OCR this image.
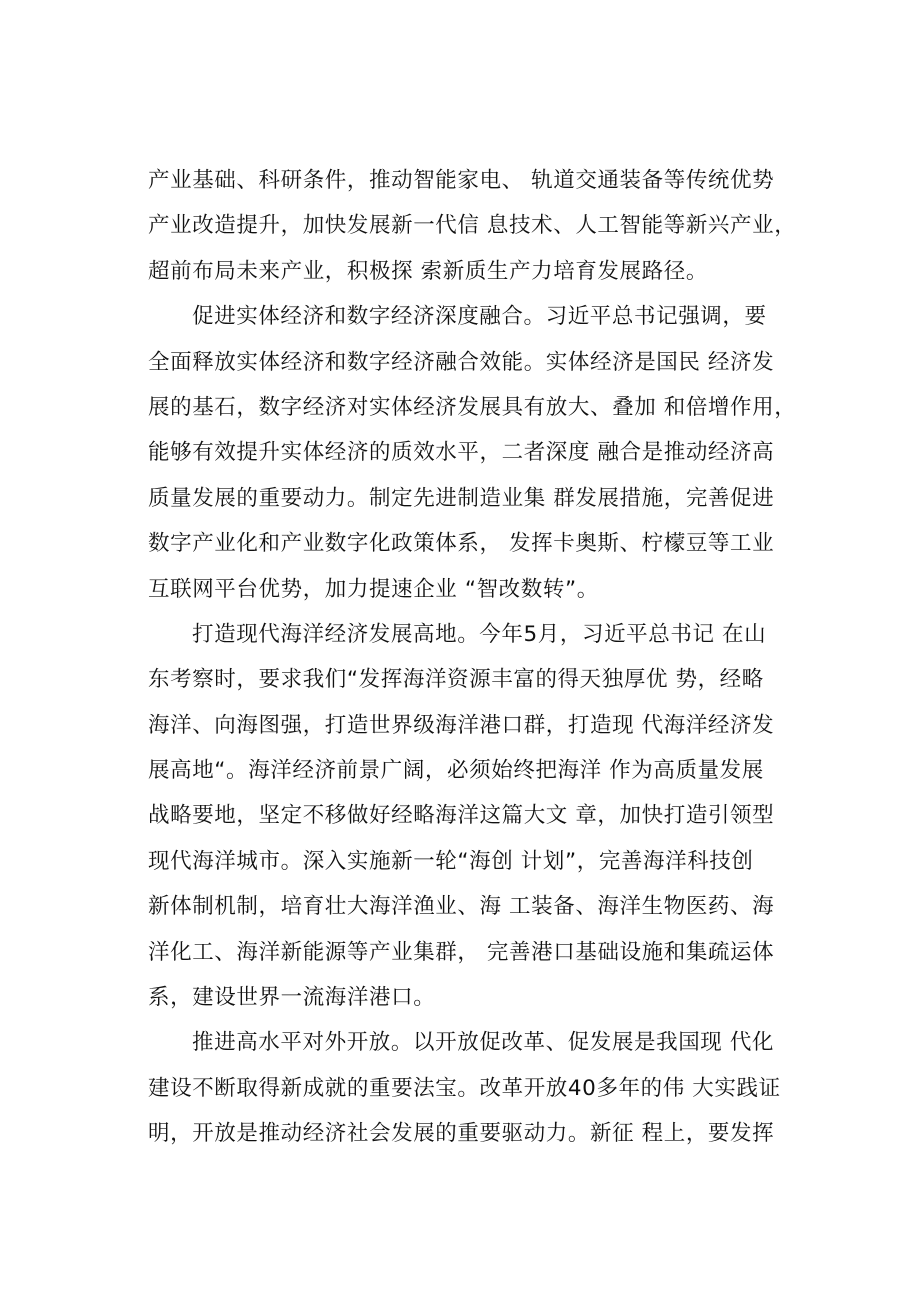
产业基础、科研条件，推动智能家电、 轨道交通装备等传统优势
产业改造提升，加快发展新一代信 息技术、人工智能等新兴产业，
超前布局未来产业，积极探 索新质生产力培育发展路径。
促进实体经济和数字经济深度融合。习近平总书记强调，要
全面释放实体经济和数字经济融合效能。实体经济是国民 经济发
展的基石，数字经济对实体经济发展具有放大、叠加 和倍增作用，
能够有效提升实体经济的质效水平，二者深度 融合是推动经济高
质量发展的重要动力。制定先进制造业集 群发展措施，完善促进
数字产业化和产业数字化政策体系， 发挥卡奥斯、柠檬豆等工业
互联网平台优势，加力提速企业 “智改数转”。
打造现代海洋经济发展高地。今年5月，习近平总书记 在山
东考察时，要求我们“发挥海洋资源丰富的得天独厚优 势，经略
海洋、向海图强，打造世界级海洋港口群，打造现 代海洋经济发
展高地“。海洋经济前景广阔，必须始终把海洋 作为高质量发展
战略要地，坚定不移做好经略海洋这篇大文 章，加快打造引领型
现代海洋城市。深入实施新一轮“海创 计划”，完善海洋科技创
新体制机制，培育壮大海洋渔业、海 工装备、海洋生物医药、海
洋化工、海洋新能源等产业集群， 完善港口基础设施和集疏运体
系，建设世界一流海洋港口。
推进高水平对外开放。以开放促改革、促发展是我国现 代化
建设不断取得新成就的重要法宝。改革开放40多年的伟 大实践证
明，开放是推动经济社会发展的重要驱动力。新征 程上，要发挥
